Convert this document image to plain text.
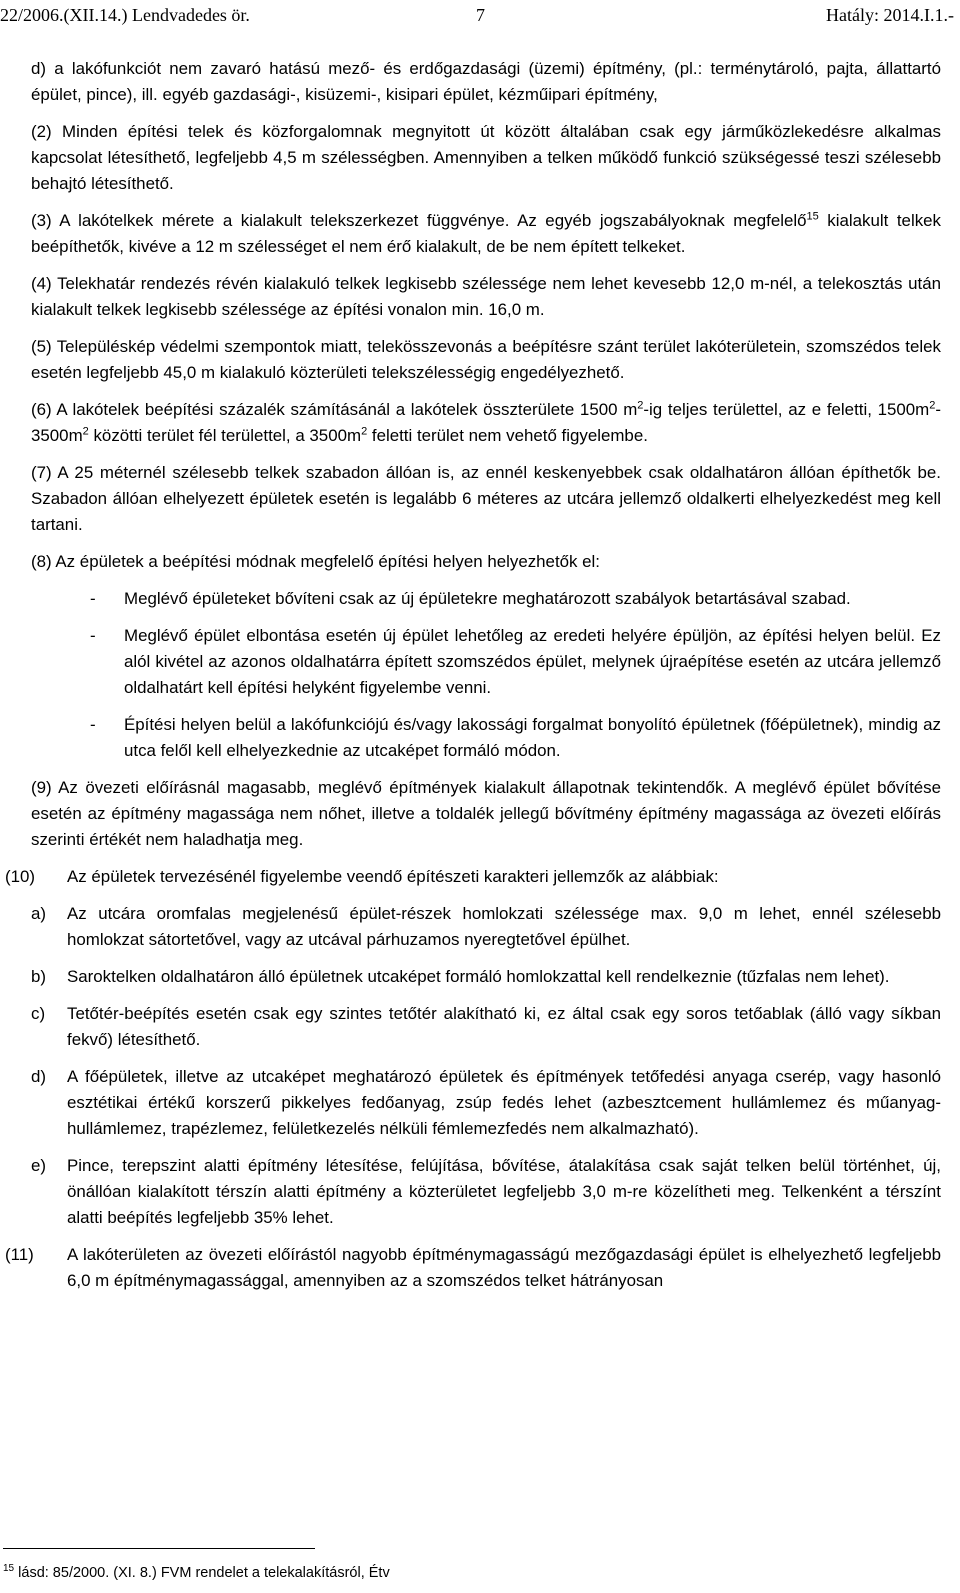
22/2006.(XII.14.) Lendvadedes ör.	7	Hatály: 2014.I.1.-

d) a lakófunkciót nem zavaró hatású mező- és erdőgazdasági (üzemi) építmény, (pl.: terménytároló, pajta, állattartó épület, pince), ill. egyéb gazdasági-, kisüzemi-, kisipari épület, kézműipari építmény,

(2) Minden építési telek és közforgalomnak megnyitott út között általában csak egy járműközlekedésre alkalmas kapcsolat létesíthető, legfeljebb 4,5 m szélességben. Amennyiben a telken működő funkció szükségessé teszi szélesebb behajtó létesíthető.

(3) A lakótelkek mérete a kialakult telekszerkezet függvénye. Az egyéb jogszabályoknak megfelelő$^{15}$ kialakult telkek beépíthetők, kivéve a 12 m szélességet el nem érő kialakult, de be nem épített telkeket.

(4) Telekhatár rendezés révén kialakuló telkek legkisebb szélessége nem lehet kevesebb 12,0 m-nél, a telekosztás után kialakult telkek legkisebb szélessége az építési vonalon min. 16,0 m.

(5) Településkép védelmi szempontok miatt, telekösszevonás a beépítésre szánt terület lakóterületein, szomszédos telek esetén legfeljebb 45,0 m kialakuló közterületi telekszélességig engedélyezhető.

(6) A lakótelek beépítési százalék számításánál a lakótelek összterülete 1500 $m^2-ig$ teljes területtel, az e feletti, $1500m^2-$ $3500m^2$ közötti terület fél területtel, a $3500m^2$ feletti terület nem vehető figyelembe.

(7) A 25 méternél szélesebb telkek szabadon állóan is, az ennél keskenyebbek csak oldalhatáron állóan építhetők be. Szabadon állóan elhelyezett épületek esetén is legalább 6 méteres az utcára jellemző oldalkerti elhelyezkedést meg kell tartani.

(8) Az épületek a beépítési módnak megfelelő építési helyen helyezhetők el:

-	Meglévő épületeket bővíteni csak az új épületekre meghatározott szabályok betartásával szabad.
-	Meglévő épület elbontása esetén új épület lehetőleg az eredeti helyére épüljön, az építési helyen belül. Ez alól kivétel az azonos oldalhatárra épített szomszédos épület, melynek újraépítése esetén az utcára jellemző oldalhatárt kell építési helyként figyelembe venni.
-	Építési helyen belül a lakófunkciójú és/vagy lakossági forgalmat bonyolító épületnek (főépületnek), mindig az utca felől kell elhelyezkednie az utcaképet formáló módon.

(9) Az övezeti előírásnál magasabb, meglévő építmények kialakult állapotnak tekintendők. A meglévő épület bővítése esetén az építmény magassága nem nőhet, illetve a toldalék jellegű bővítmény építmény magassága az övezeti előírás szerinti értékét nem haladhatja meg.

(10)	Az épületek tervezésénél figyelembe veendő építészeti karakteri jellemzők az alábbiak:
a)	Az utcára oromfalas megjelenésű épület-részek homlokzati szélessége max. 9,0 m lehet, ennél szélesebb homlokzat sátortetővel, vagy az utcával párhuzamos nyeregtetővel épülhet.
b)	Saroktelken oldalhatáron álló épületnek utcaképet formáló homlokzattal kell rendelkeznie (tűzfalas nem lehet).
c)	Tetőtér-beépítés esetén csak egy szintes tetőtér alakítható ki, ez által csak egy soros tetőablak (álló vagy síkban fekvő) létesíthető.
d)	A főépületek, illetve az utcaképet meghatározó épületek és építmények tetőfedési anyaga cserép, vagy hasonló esztétikai értékű korszerű pikkelyes fedőanyag, zsúp fedés lehet (azbesztcement hullámlemez és műanyag-hullámlemez, trapézlemez, felületkezelés nélküli fémlemezfedés nem alkalmazható).
e)	Pince, terepszint alatti építmény létesítése, felújítása, bővítése, átalakítása csak saját telken belül történhet, új, önállóan kialakított térszín alatti építmény a közterületet legfeljebb 3,0 m-re közelítheti meg. Telkenként a térszínt alatti beépítés legfeljebb 35% lehet.
(11)	A lakóterületen az övezeti előírástól nagyobb építménymagasságú mezőgazdasági épület is elhelyezhető legfeljebb 6,0 m építménymagassággal, amennyiben az a szomszédos telket hátrányosan
$^{15}$ lásd: 85/2000. (XI. 8.) FVM rendelet a telekalakításról, Étv
